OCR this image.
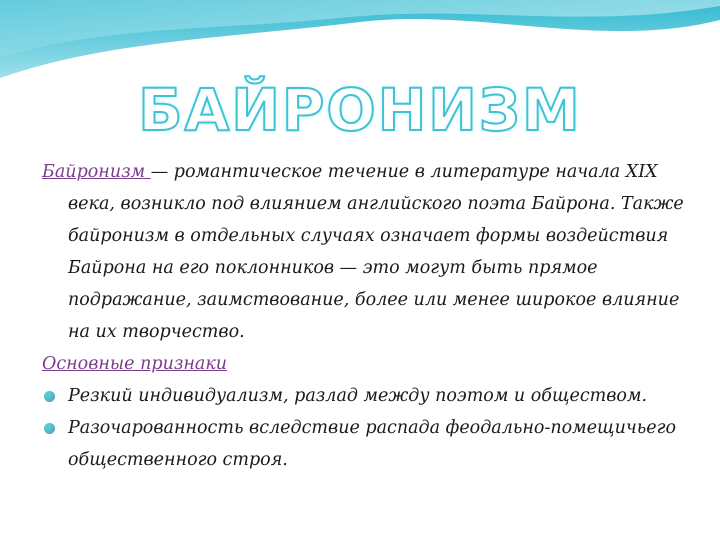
БАЙРОНИЗМ

Байронизм — романтическое течение в литературе начала XIX века, возникло под влиянием английского поэта Байрона. Также байронизм в отдельных случаях означает формы воздействия Байрона на его поклонников — это могут быть прямое подражание, заимствование, более или менее широкое влияние на их творчество.

Основные признаки

Резкий индивидуализм, разлад между поэтом и обществом.
Разочарованность вследствие распада феодально-помещичьего общественного строя.
